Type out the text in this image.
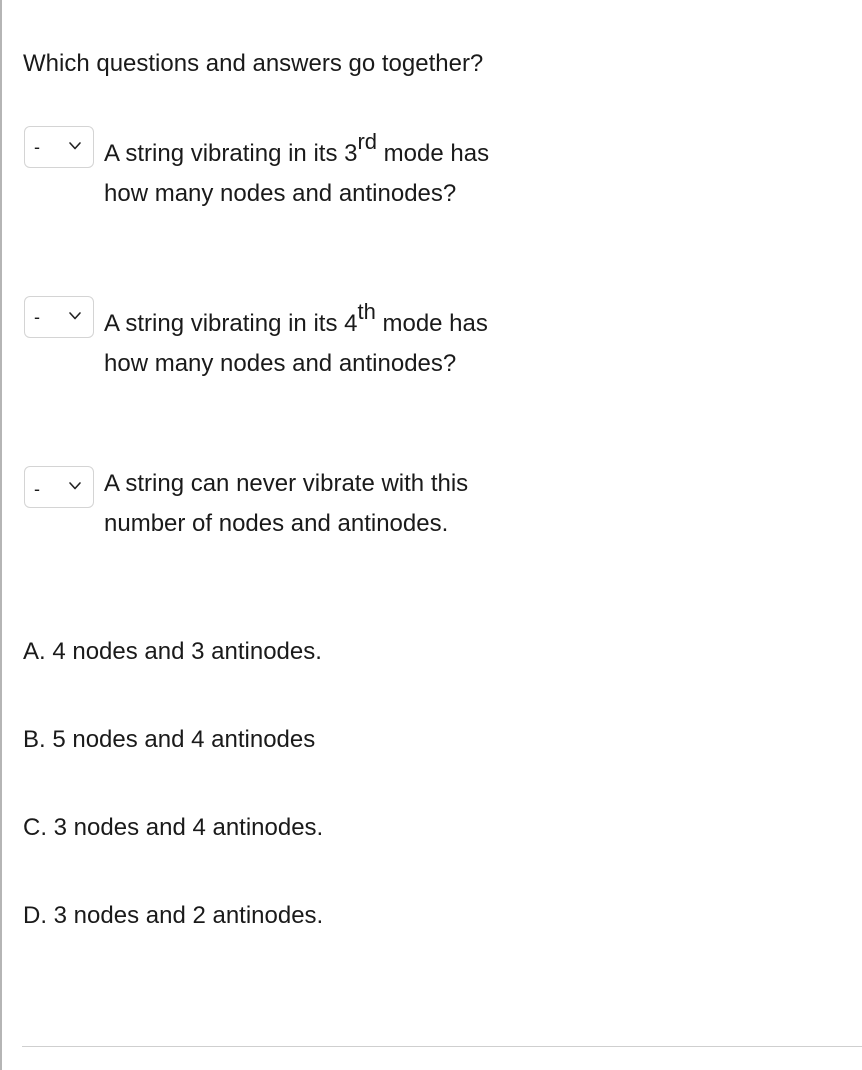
Which questions and answers go together?
-	A string vibrating in its 3rd mode has how many nodes and antinodes?
-	A string vibrating in its 4th mode has how many nodes and antinodes?
-	A string can never vibrate with this number of nodes and antinodes.

A. 4 nodes and 3 antinodes.

B. 5 nodes and 4 antinodes

C. 3 nodes and 4 antinodes.

D. 3 nodes and 2 antinodes.
